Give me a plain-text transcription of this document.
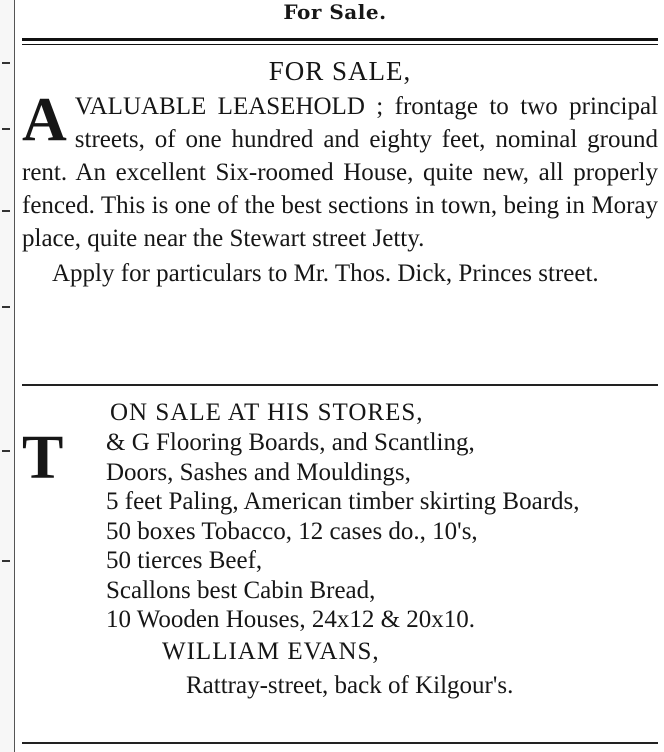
For Sale.

FOR SALE,

AVALUABLE LEASEHOLD ; frontage to two principal streets, of one hundred and eighty feet, nominal ground rent. An excellent Six-roomed House, quite new, all properly fenced. This is one of the best sections in town, being in Moray place, quite near the Stewart street Jetty.

Apply for particulars to Mr. Thos. Dick, Princes street.

ON SALE AT HIS STORES,

T	& G Flooring Boards, and Scantling,
Doors, Sashes and Mouldings,
5 feet Paling, American timber skirting Boards,
50 boxes Tobacco, 12 cases do., 10's,
50 tierces Beef,
Scallons best Cabin Bread,
10 Wooden Houses, 24x12 & 20x10.

WILLIAM EVANS,

Rattray-street, back of Kilgour's.
